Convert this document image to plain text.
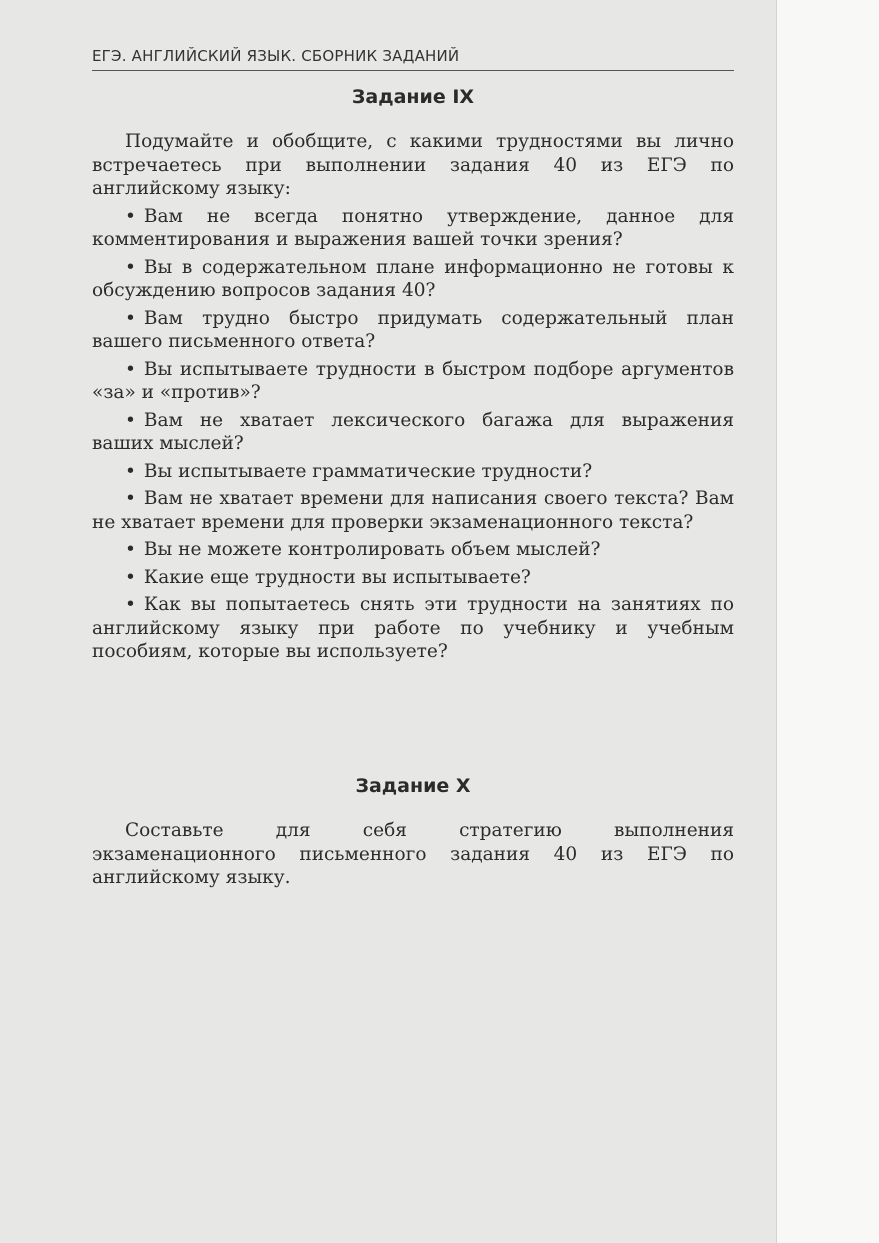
ЕГЭ. АНГЛИЙСКИЙ ЯЗЫК. СБОРНИК ЗАДАНИЙ
Задание IX

Подумайте и обобщите, с какими трудностями вы лично встречаетесь при выполнении задания 40 из ЕГЭ по английскому языку:

• Вам не всегда понятно утверждение, данное для комментирования и выражения вашей точки зрения?

• Вы в содержательном плане информационно не готовы к обсуждению вопросов задания 40?

• Вам трудно быстро придумать содержательный план вашего письменного ответа?

• Вы испытываете трудности в быстром подборе аргументов «за» и «против»?

• Вам не хватает лексического багажа для выражения ваших мыслей?

• Вы испытываете грамматические трудности?

• Вам не хватает времени для написания своего текста? Вам не хватает времени для проверки экзаменационного текста?

• Вы не можете контролировать объем мыслей?

• Какие еще трудности вы испытываете?

• Как вы попытаетесь снять эти трудности на занятиях по английскому языку при работе по учебнику и учебным пособиям, которые вы используете?

Задание X

Составьте для себя стратегию выполнения экзаменационного письменного задания 40 из ЕГЭ по английскому языку.
